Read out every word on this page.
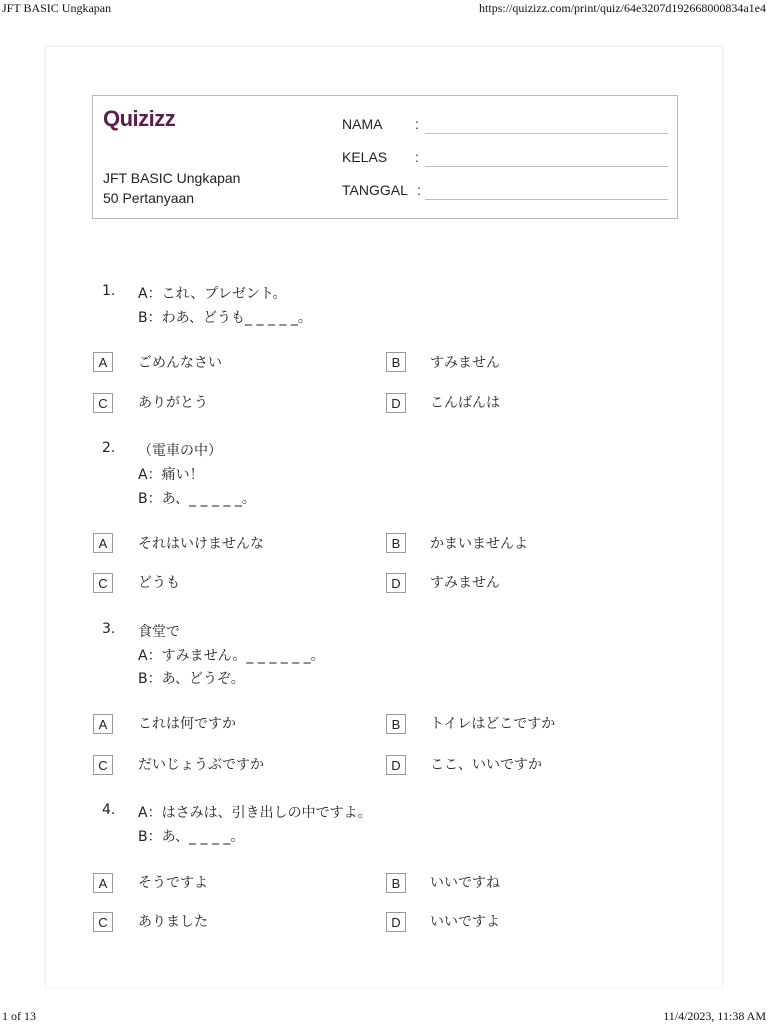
JFT BASIC Ungkapan	https://quizizz.com/print/quiz/64e3207d192668000834a1e4
Quizizz
JFT BASIC Ungkapan
50 Pertanyaan
NAMA :
KELAS :
TANGGAL :
1. A：これ、プレゼント。
B：わあ、どうも_ _ _ _ _。
A	ごめんなさい	B	すみません
C	ありがとう	D	こんばんは
2. （電車の中）
A：痛い！
B：あ、_ _ _ _ _。
A	それはいけませんな	B	かまいませんよ
C	どうも	D	すみません
3. 食堂で
A：すみません。_ _ _ _ _ _。
B：あ、どうぞ。
A	これは何ですか	B	トイレはどこですか
C	だいじょうぶですか	D	ここ、いいですか
4. A：はさみは、引き出しの中ですよ。
B：あ、_ _ _ _。
A	そうですよ	B	いいですね
C	ありました	D	いいですよ
1 of 13	11/4/2023, 11:38 AM
